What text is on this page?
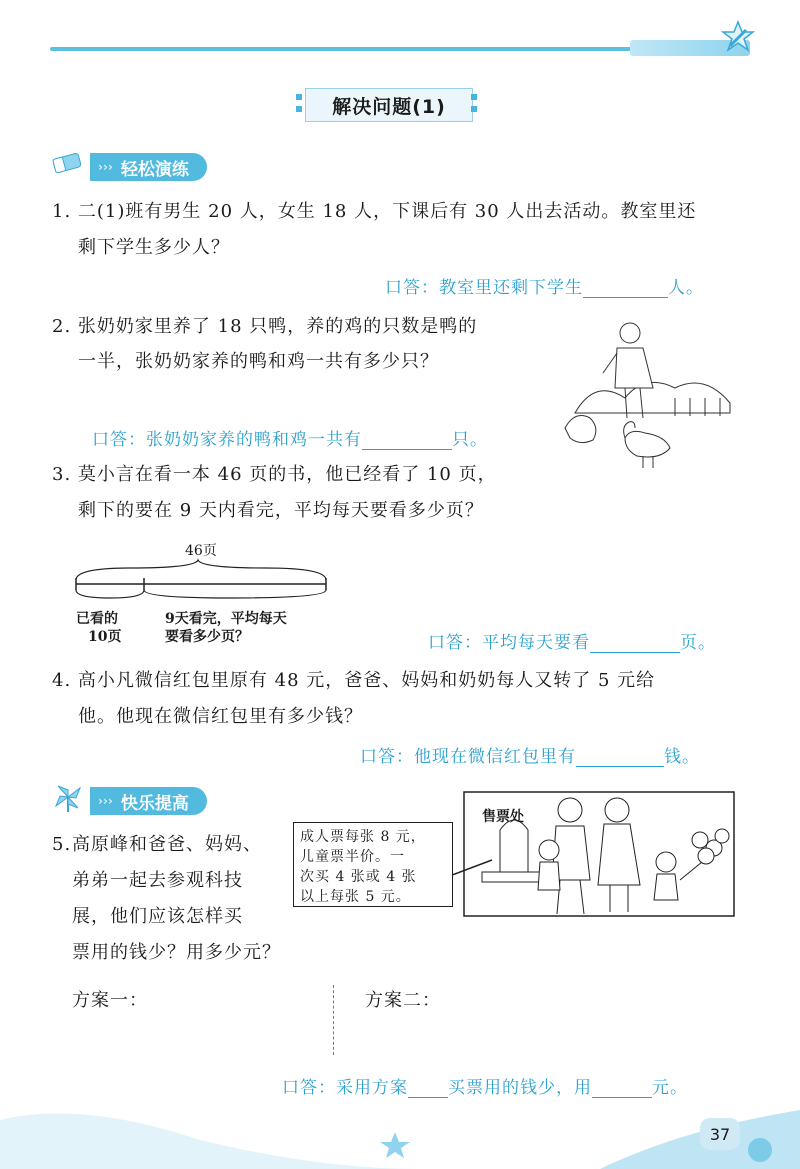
解决问题(1)
››› 轻松演练
1. 二(1)班有男生 20 人，女生 18 人，下课后有 30 人出去活动。教室里还
剩下学生多少人？
口答：教室里还剩下学生	人。
2. 张奶奶家里养了 18 只鸭，养的鸡的只数是鸭的
一半，张奶奶家养的鸭和鸡一共有多少只？
口答：张奶奶家养的鸭和鸡一共有	只。
3. 莫小言在看一本 46 页的书，他已经看了 10 页，
剩下的要在 9 天内看完，平均每天要看多少页？
46页
已看的
10页
9天看完，平均每天
要看多少页？	口答：平均每天要看	页。
4. 高小凡微信红包里原有 48 元，爸爸、妈妈和奶奶每人又转了 5 元给
他。他现在微信红包里有多少钱？
口答：他现在微信红包里有	钱。
››› 快乐提高
5. 高原峰和爸爸、妈妈、
弟弟一起去参观科技
展，他们应该怎样买
票用的钱少？用多少元？
成人票每张 8 元，
儿童票半价。一
次买 4 张或 4 张
以上每张 5 元。
售票处
方案一：	方案二：
口答：采用方案 买票用的钱少，用	元。
37
